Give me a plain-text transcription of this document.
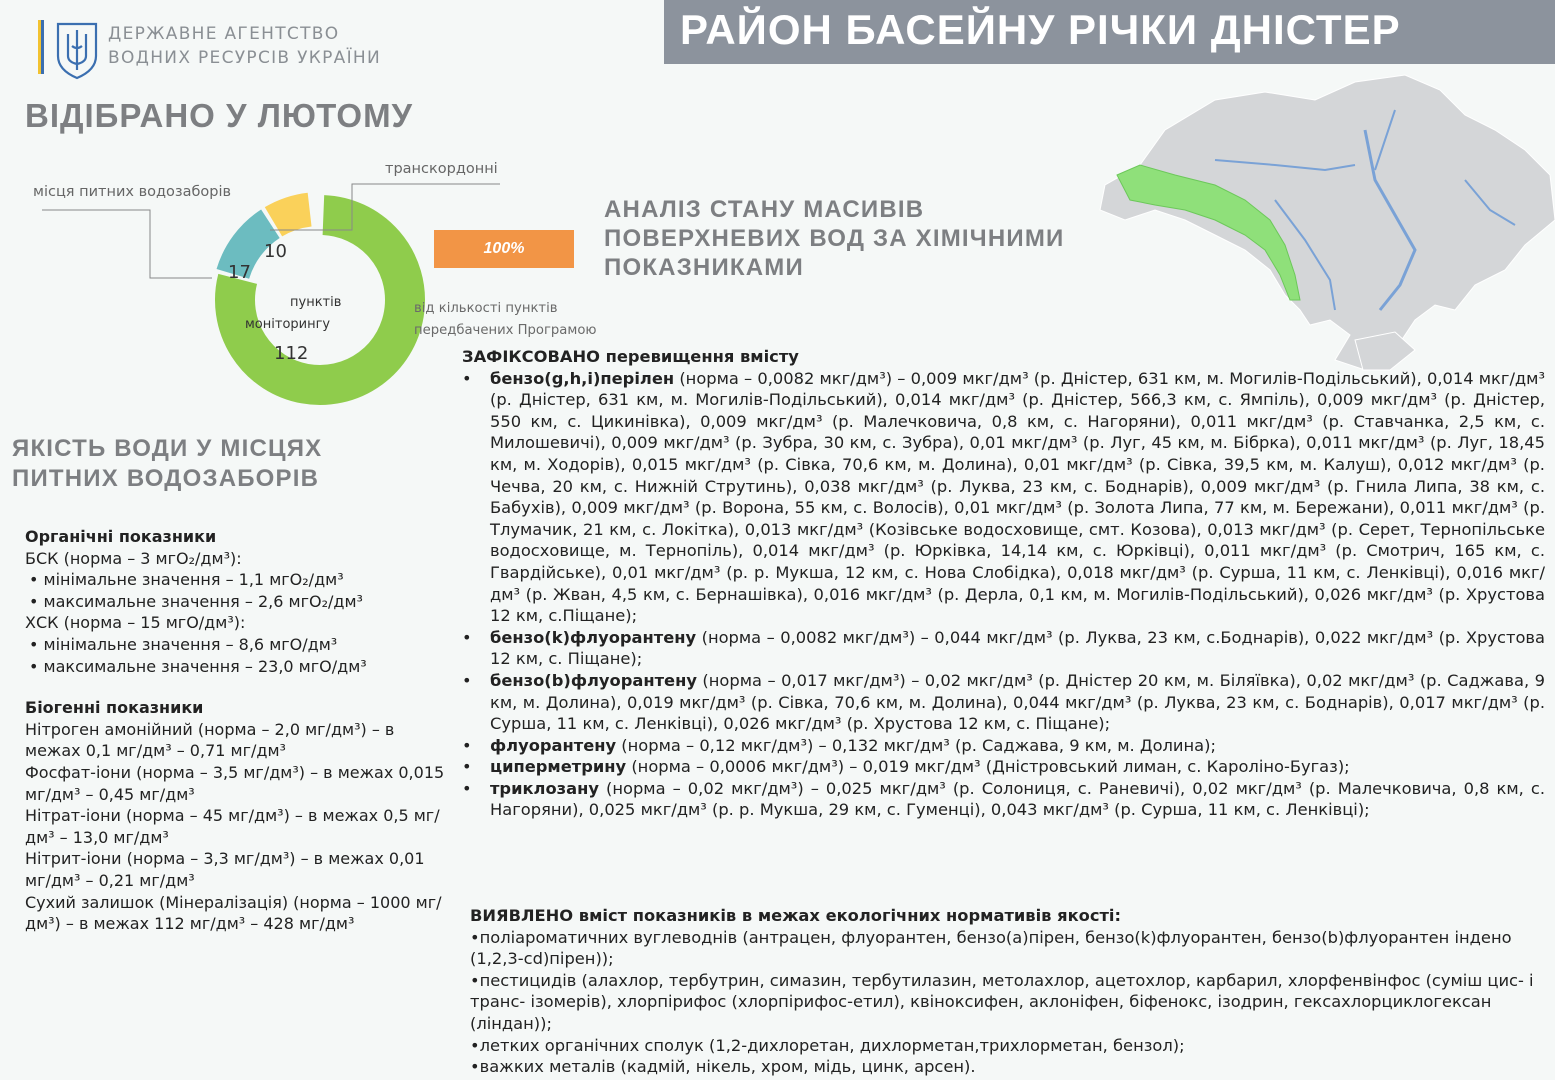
ДЕРЖАВНЕ АГЕНТСТВО
ВОДНИХ РЕСУРСІВ УКРАЇНИ
РАЙОН БАСЕЙНУ РІЧКИ ДНІСТЕР
ВІДІБРАНО У ЛЮТОМУ
пунктів
моніторингу
112
17
10
місця питних водозаборів
транскордонні
100%
від кількості пунктів
передбачених Програмою
АНАЛІЗ СТАНУ МАСИВІВ
ПОВЕРХНЕВИХ ВОД ЗА ХІМІЧНИМИ
ПОКАЗНИКАМИ
ЗАФІКСОВАНО перевищення вмісту
• бензо(g,h,i)перілен (норма – 0,0082 мкг/дм³) – 0,009 мкг/дм³ (р. Дністер, 631 км, м. Могилів-Подільський), 0,014 мкг/дм³ (р. Дністер, 631 км, м. Могилів-Подільський), 0,014 мкг/дм³ (р. Дністер, 566,3 км, с. Ямпіль), 0,009 мкг/дм³ (р. Дністер, 550 км, с. Цикинівка), 0,009 мкг/дм³ (р. Малечковича, 0,8 км, с. Нагоряни), 0,011 мкг/дм³ (р. Ставчанка, 2,5 км, с. Милошевичі), 0,009 мкг/дм³ (р. Зубра, 30 км, с. Зубра), 0,01 мкг/дм³ (р. Луг, 45 км, м. Бібрка), 0,011 мкг/дм³ (р. Луг, 18,45 км, м. Ходорів), 0,015 мкг/дм³ (р. Сівка, 70,6 км, м. Долина), 0,01 мкг/дм³ (р. Сівка, 39,5 км, м. Калуш), 0,012 мкг/дм³ (р. Чечва, 20 км, с. Нижній Струтинь), 0,038 мкг/дм³ (р. Луква, 23 км, с. Боднарів), 0,009 мкг/дм³ (р. Гнила Липа, 38 км, с. Бабухів), 0,009 мкг/дм³ (р. Ворона, 55 км, с. Волосів), 0,01 мкг/дм³ (р. Золота Липа, 77 км, м. Бережани), 0,011 мкг/дм³ (р. Тлумачик, 21 км, с. Локітка), 0,013 мкг/дм³ (Козівське водосховище, смт. Козова), 0,013 мкг/дм³ (р. Серет, Тернопільське водосховище, м. Тернопіль), 0,014 мкг/дм³ (р. Юрківка, 14,14 км, с. Юрківці), 0,011 мкг/дм³ (р. Смотрич, 165 км, с. Гвардійське), 0,01 мкг/дм³ (р. р. Мукша, 12 км, с. Нова Слобідка), 0,018 мкг/дм³ (р. Сурша, 11 км, с. Ленківці), 0,016 мкг/дм³ (р. Жван, 4,5 км, с. Бернашівка), 0,016 мкг/дм³ (р. Дерла, 0,1 км, м. Могилів-Подільський), 0,026 мкг/дм³ (р. Хрустова 12 км, с.Піщане);
• бензо(k)флуорантену (норма – 0,0082 мкг/дм³) – 0,044 мкг/дм³ (р. Луква, 23 км, с.Боднарів), 0,022 мкг/дм³ (р. Хрустова 12 км, с. Піщане);
• бензо(b)флуорантену (норма – 0,017 мкг/дм³) – 0,02 мкг/дм³ (р. Дністер 20 км, м. Біляївка), 0,02 мкг/дм³ (р. Саджава, 9 км, м. Долина), 0,019 мкг/дм³ (р. Сівка, 70,6 км, м. Долина), 0,044 мкг/дм³ (р. Луква, 23 км, с. Боднарів), 0,017 мкг/дм³ (р. Сурша, 11 км, с. Ленківці), 0,026 мкг/дм³ (р. Хрустова 12 км, с. Піщане);
• флуорантену (норма – 0,12 мкг/дм³) – 0,132 мкг/дм³ (р. Саджава, 9 км, м. Долина);
• циперметрину (норма – 0,0006 мкг/дм³) – 0,019 мкг/дм³ (Дністровський лиман, с. Кароліно-Бугаз);
• триклозану (норма – 0,02 мкг/дм³) – 0,025 мкг/дм³ (р. Солониця, с. Раневичі), 0,02 мкг/дм³ (р. Малечковича, 0,8 км, с. Нагоряни), 0,025 мкг/дм³ (р. р. Мукша, 29 км, с. Гуменці), 0,043 мкг/дм³ (р. Сурша, 11 км, с. Ленківці);
ВИЯВЛЕНО вміст показників в межах екологічних нормативів якості:
•поліароматичних вуглеводнів (антрацен, флуорантен, бензо(a)пірен, бензо(k)флуорантен, бензо(b)флуорантен індено (1,2,3-cd)пірен));
•пестицидів (алахлор, тербутрин, симазин, тербутилазин, метолахлор, ацетохлор, карбарил, хлорфенвінфос (суміш цис- і транс- ізомерів), хлорпірифос (хлорпірифос-етил), квіноксифен, аклоніфен, біфенокс, ізодрин, гексахлорциклогексан (ліндан));
•летких органічних сполук (1,2-дихлоретан, дихлорметан,трихлорметан, бензол);
•важких металів (кадмій, нікель, хром, мідь, цинк, арсен).
ЯКІСТЬ ВОДИ У МІСЦЯХ
ПИТНИХ ВОДОЗАБОРІВ
Органічні показники
БСК (норма – 3 мгО₂/дм³):
• мінімальне значення – 1,1 мгО₂/дм³
• максимальне значення – 2,6 мгО₂/дм³
ХСК (норма – 15 мгО/дм³):
• мінімальне значення – 8,6 мгО/дм³
• максимальне значення – 23,0 мгО/дм³
Біогенні показники
Нітроген амонійний (норма – 2,0 мг/дм³) – в межах 0,1 мг/дм³ – 0,71 мг/дм³
Фосфат-іони (норма – 3,5 мг/дм³) – в межах 0,015 мг/дм³ – 0,45 мг/дм³
Нітрат-іони (норма – 45 мг/дм³) – в межах 0,5 мг/дм³ – 13,0 мг/дм³
Нітрит-іони (норма – 3,3 мг/дм³) – в межах 0,01 мг/дм³ – 0,21 мг/дм³
Сухий залишок (Мінералізація) (норма – 1000 мг/дм³) – в межах 112 мг/дм³ – 428 мг/дм³
